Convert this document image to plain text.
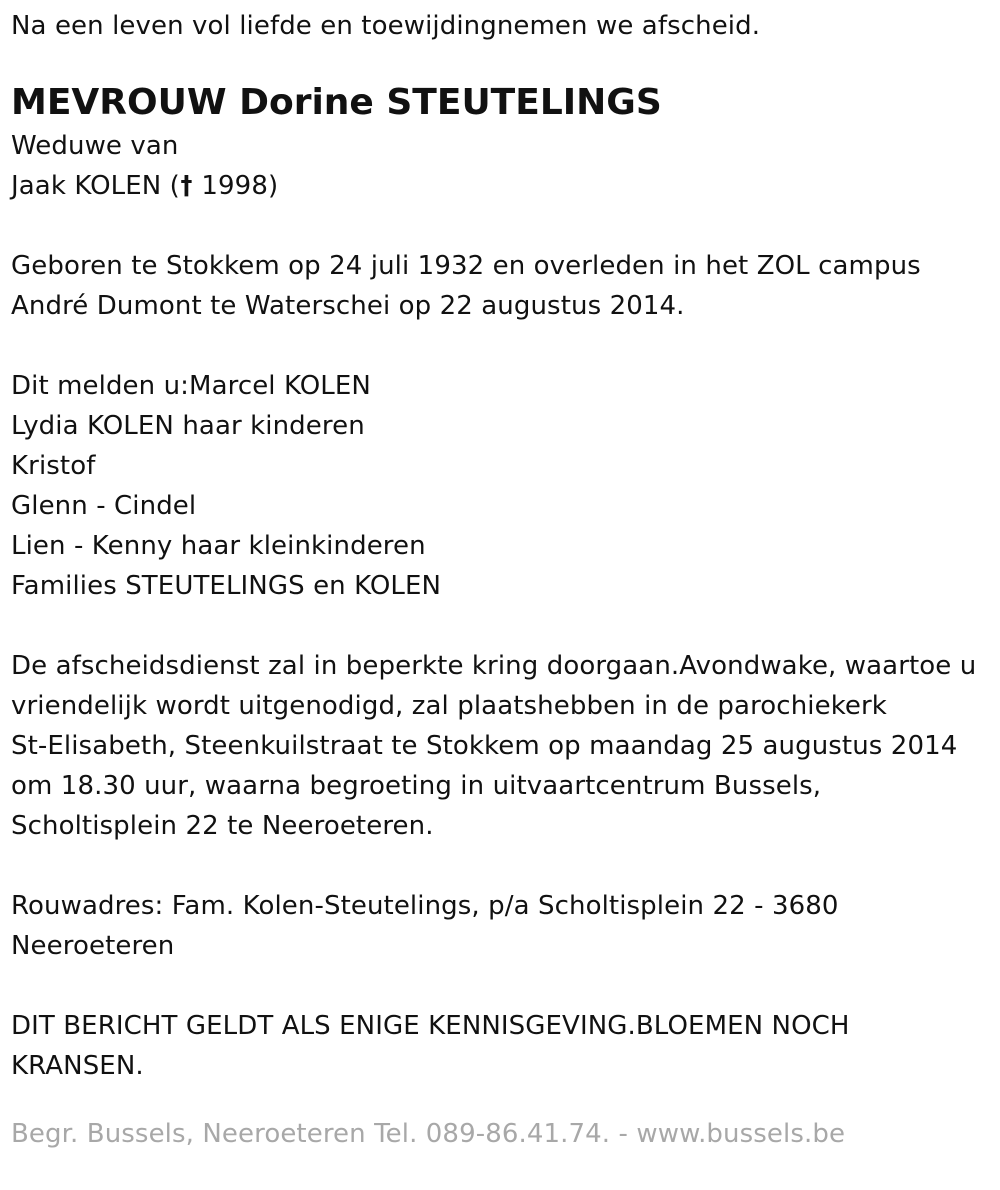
Na een leven vol liefde en toewijdingnemen we afscheid.
MEVROUW Dorine STEUTELINGS
Weduwe van
Jaak KOLEN († 1998)
Geboren te Stokkem op 24 juli 1932 en overleden in het ZOL campus
André Dumont te Waterschei op 22 augustus 2014.
Dit melden u:Marcel KOLEN
Lydia KOLEN haar kinderen
Kristof
Glenn - Cindel
Lien - Kenny haar kleinkinderen
Families STEUTELINGS en KOLEN
De afscheidsdienst zal in beperkte kring doorgaan.Avondwake, waartoe u
vriendelijk wordt uitgenodigd, zal plaatshebben in de parochiekerk
St-Elisabeth, Steenkuilstraat te Stokkem op maandag 25 augustus 2014
om 18.30 uur, waarna begroeting in uitvaartcentrum Bussels,
Scholtisplein 22 te Neeroeteren.
Rouwadres: Fam. Kolen-Steutelings, p/a Scholtisplein 22 - 3680
Neeroeteren
DIT BERICHT GELDT ALS ENIGE KENNISGEVING.BLOEMEN NOCH
KRANSEN.
Begr. Bussels, Neeroeteren Tel. 089-86.41.74. - www.bussels.be
